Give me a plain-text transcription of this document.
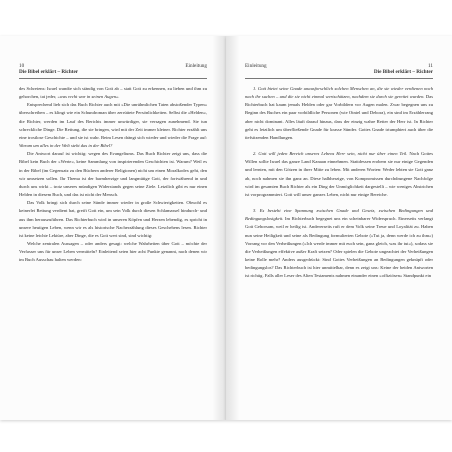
10	Einleitung
Die Bibel erklärt – Richter

des Schreiens: Israel wandte sich ständig von Gott ab – statt Gott zu erkennen, zu lieben und ihm zu gehorchen, tat jeder, »was recht war in seinen Augen«.

Entsprechend lieb sich das Buch Richter auch mit »Die unrühmlichen Taten abstoßender Typen« überschreiben – es klingt wie ein Schundroman über zerrüttete Persönlichkeiten. Selbst die »Helden«, die Richter, werden im Lauf des Berichts immer unwürdiger, sie versagen zunehmend. Sie tun schreckliche Dinge. Die Rettung, die sie bringen, wird mit der Zeit immer kleiner. Richter erzählt uns eine trostlose Geschichte – und sie ist wahr. Beim Lesen drängt sich wieder und wieder die Frage auf: Warum um alles in der Welt steht das in der Bibel?

Die Antwort darauf ist wichtig: wegen des Evangeliums. Das Buch Richter zeigt uns, dass die Bibel kein Buch der »Werte«, keine Sammlung von inspirierenden Geschichten ist. Warum? Weil es in der Bibel (im Gegensatz zu den Büchern anderer Religionen) nicht um einen Moralkodex geht, den wir umsetzen sollen. Ihr Thema ist der barmherzige und langmütige Gott, der fortwährend in und durch uns wirkt – trotz unseres mündigen Widerstands gegen seine Ziele. Letztlich gibt es nur einen Helden in diesem Buch, und das ist nicht der Mensch.

Das Volk bringt sich durch seine Sünde immer wieder in große Schwierigkeiten. Obwohl es keinerlei Rettung verdient hat, greift Gott ein, um sein Volk durch diesen Schlamassel hindurch- und aus ihm herauszuführen. Das Richterbuch wird in unseren Köpfen und Herzen lebendig, es spricht in unsere heutigen Leben, wenn wir es als historische Nacherzählung dieses Geschehens lesen. Richter ist keine leichte Lektüre, aber Dinge, die es Gott wert sind, sind wichtig:

Welche zentralen Aussagen – oder anders gesagt: welche Wahrheiten über Gott – möchte der Verfasser uns für unser Leben vermitteln? Einleitend seien hier acht Punkte genannt, nach denen wir im Buch Ausschau halten werden:

Einleitung	11
Die Bibel erklärt – Richter

1. Gott bietet seine Gnade unausforschlich solchen Menschen an, die sie wieder verdienen noch nach ihr suchen – und die sie nicht einmal wertschätzen, nachdem sie durch sie gerettet wurden. Das Richterbuch hat kaum jemals Helden oder gar Vorbildern vor Augen malen. Zwar begegnen uns zu Beginn des Buches ein paar vorbildliche Personen (wie Otniel und Debora), ein sind im Erzählerrang aber nicht dominant. Alles läuft darauf hinaus, dass der einzig wahre Retter der Herr ist. In Richter geht es letztlich um überfließende Gnade für krasse Sünder. Gottes Gnade triumphiert auch über die tiefsitzenden Handlungen.

2. Gott will jeden Bereich unseres Lebens Herr sein, nicht nur über einen Teil. Nach Gottes Willen sollte Israel das ganze Land Kanaan einnehmen. Stattdessen erobern sie nur einige Gegenden und lernten, mit den Götzen in ihrer Mitte zu leben. Mit anderen Worten: Weder lebten sie Gott ganz ab, noch nahmen sie ihn ganz an. Diese halbherzige, von Kompromissen durchdrungene Nachfolge wird im gesamten Buch Richter als ein Ding der Unmöglichkeit dargestellt – wie weniges Abstrichen ist vorprogrammiert. Gott will unser ganzes Leben, nicht nur einige Bereiche.

3. Es besteht eine Spannung zwischen Gnade und Gesetz, zwischen Bedingungen und Bedingungslosigkeit. Im Richterbuch begegnet uns ein scheinbarer Widerspruch. Einerseits verlangt Gott Gehorsam, weil er heilig ist. Andererseits ruft er dem Volk seine Treue und Loyalität zu. Haben nun seine Heiligkeit und seine als Bedingung formulierten Gebote (»Tut ja, denn werde ich zu ihm«) Vorrang vor den Verheißungen (»Ich werde immer mit euch sein, ganz gleich, was ihr tut«), sodass sie die Verheißungen effektive außer Kraft setzen? Oder spielen die Gebote ungeachtet der Verheißungen keine Rolle mehr? Anders ausgedrückt: Sind Gottes Verheißungen an Bedingungen geknüpft oder bedingungslos? Das Richterbuch ist hier unmittelbar, denn es zeigt uns: Keine der beiden Antworten ist richtig. Falls aller Leser des Alten Testaments nahmen einander einen »offiziösen« Standpunkt ein
